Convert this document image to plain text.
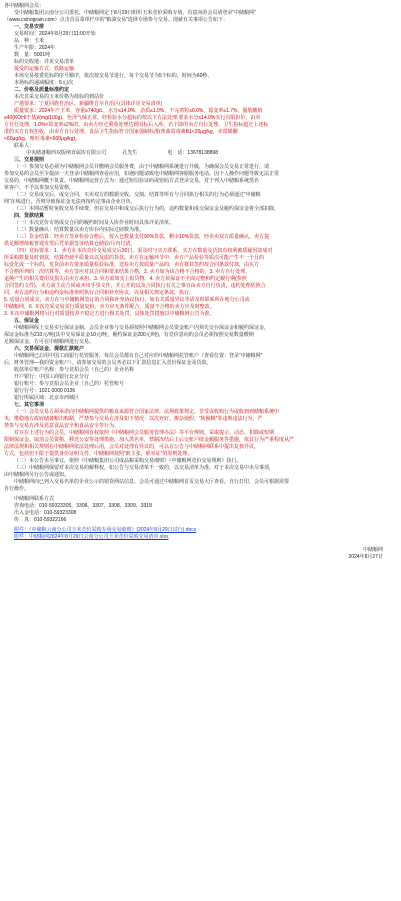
各中储粮网会员：

受中储粮集团云南分公司委托，中储粮网定于8月29日组织玉米竞价采购专场，有意向的会员请登录“中储粮网”

（www.csinograin.com）点击首页菜单栏中的“粮油交易”选择专场参与交易。现就有关事项公告如下：

一、交易安排

交易时间：2024年8月29日11:00开始

品　种：玉米

生产年限：2024年

数　量：5001吨

标的交收地：详见交易清单

接受的运输方式：铁路运输

本场交易按委托标的序号顺序，依次按交易节进行，每个交易节为5个标的，时间为60秒。

本场标的递减幅度：5元/次

二、价格及质量标准约定

本次竞采交易的玉米价格为按标的到站价

产地要求：宁夏回族自治区、新疆维吾尔自治区(具体详见交易清单)

质量要求：2024年产玉米，容重≥740g/L，水分≤14.0%，杂质≤1.0%，不完善粒≤6.0%，霉变率≤1.7%，脂肪酸值

≤40(KOH/干基)/(mg/100g)，色泽气味正常。经检验水分超标的按以下方法处理:要求水分≤14.0%实行有限扣价，由卖

方自行处理，1.0%<霉变率≤2%的，由卖方经过熏蒸处理达到国标后入库，若下降的卖方自行处理。卫生指标超过上述标

准的买方有权拒收，由卖方自行处理。食品卫生指标符合国家强制标准(黄曲霉毒素B1<20μg/kg，赤霉烯酮

<60μg/kg，呕吐毒素<600μg/kg)。

联系人：

中央储备粮西双版纳直属库有限公司　　　 孔先生　　　　　　电　话：13678138898

三、交易规则

（一）参加交易必须为中储粮网会员并缴纳会员服务费，由于中储粮网系统进行升级，为确保会员交易正常进行，请

参加交易的会员至少提前一天登录中储粮网查看应用，如遇问题请致电中储粮网客服服务电话。因个人操作问题导致无法正常

交易的，中储粮网概不负责。中储粮网运营方式为：通过短信验证码或密码方式登录交易，对于列入中储粮系统黑名

单客户，不予以参加交易资格。

（二）交易成交后，成交合同，买卖双方的数据交收、交割、结算等所有与合同执行相关的行为必须通过“中储粮

网”在线进行，否则导致保证金无法再按约定事由企业自负。

（三）本网站暂时免收交易手续费，但在交易中和成交后执行行为的，违约数量和成交保证金及履约保证金将全部扣除。

四、货款结算

（一）本次竞价专场成交合同的履约时间及入库作业时间具体详见清单。

（二）数量确认：结算数量以卖方库存内实际过磅数为准。

（三）货金结算：经卖方签章检验合格后，按入仓数量支付90%货款，剩余10%货款，经卖卖双方质量确认，卖方提

供足额增值税普通发票后凭单据签证结算仓储验/月内付清。

（四）竞标要求：1．卖方在本次竞价交易成交后30日，需及时与买方联系，买方在数量及货款有权利被质疑因故成对

所采购数量及时到款，结算仍使平质量以以及质的货款。卖方在运输环节中，卖方产品检验等质次可能产生不一个月的

标变化或一个标的，发货前卖方要求质量检验标准，送检卖方按质量产品的，卖方将其签约按合同条款付款，由买方

不合格所列的一次结算等，卖方签应对其合同和要求结果合格，2. 卖方如为该合格不合格的，3. 卖方自行处理。

退换产生的相关费用及损失由卖方承担。3. 卖方需如实上报货物。4. 卖方须保证不全面完整和约定履行期(参照

合同签约文件)，卖方需主动合同或卖出手里文件，并公开的以及合同执行有关之事宜由卖方自行负责，违约处理依照合

同，卖方违约行为和违约金标准参照执行合同和补充协议，以及相关规定条款，执行。

5. 适量合同成交，卖方在与中储粮网签订的合同和补充协议执行，如有关质量异议等请及时联系所在地分公司或

中储粮网，6. 本次竞采交易实行质量复检，卖方应无条件配合，质量不合格的卖方应及时整改。

3. 本次中储粮网将另行对质量较差不稳定方进行相关处罚，具体处罚措施以中储粮网公告为准。

五、保证金

中储粮网线上交易实行保证金制，会员企业参与交易须按照中储粮网会员资金账户内预先交存保证金和履约保证金，

保证金标准为210元/吨(其中交易保证金10元/吨，履约保证金200元/吨)，有竞价意向的会员必须按照交易数量缴纳

足额保证金，方可在中储粮网进行交易。

六、交易保证金、提款汇款账户

中储粮网已启用中国工商银行托管服务，每位会员都有自己对应的中储粮网托管账户（查看位置：登录“中储粮网”

后，财务管理—我的资金账户），请参加交易的会员务必以下汇款信息汇入竞价保证金及货款。

收款单位账户名称：参与竞拍会员（自己的）企业名称

开户银行：中国工商银行北京分行

银行账号：参与竞拍会员企业（自己的）托管账号

银行行号：1021 0000 0136

银行所属区域：北京市西城区

七、其它事项

（一）会员交易方须承诺向中储粮网提供的粮食来源符合国家法律、法规政策规定，非受或收购行为或收到到储粮系统中

央，维稳地方政府储备粮出购制，严禁参与交易方涉及如下情况：以次充好、掺杂使假、“转圈粮”等违规违法行为，严

禁参与交易方涉及恶意食品安全和食品安全等行为。

对存在上述行为的会员，中储粮网有权依照《中储粮网会员服务管理办法》等平台规则，采取提示、动态、扣除或短期

限制保证金、取消会员资格、移送公安等处理措施，加入黑名单，禁制冻结后上后交账户续金额服务等措施，依其行为严重程度从严

法律法规和相关规则在中储粮网依法处理后用，会员对处理有异议的，可以在公告与中储粮网联系中提出复核异议，

方式，包括但不限于提供身份证明文件，中储粮网按照“谁主张，谁举证”的原则处理。

（二）本公告未尽事宜，依照《中储粮集团公司成品粮采购交易细则》《中储粮网竞价交易规则》执行。

（三）中储粮网保留对本次交易的解释权，如公告与交易清单不一致的，以交易清单为准。对于本次交易中未尽事项，

由中储粮网另行公告或通知。

中储粮网向已列入交易名单的企业公示的销货网站信息，会员可通过中储粮网首页交易大厅查看，自行打印，会员可根据需要

自行操作。

中储粮网联系方式

咨询电话：010-59323305、3306、3307、3308、3309、3318

出入金电话：010-59323308

传　真：010-59322166

附件：《中储粮云南分公司玉米竞价采购专场交易细则》(2024年8月29日试行).docx

附件：中储粮网2024年8月29日云南分公司玉米竞价采购交易清单.xlsx

中储粮网

2024年8月27日
